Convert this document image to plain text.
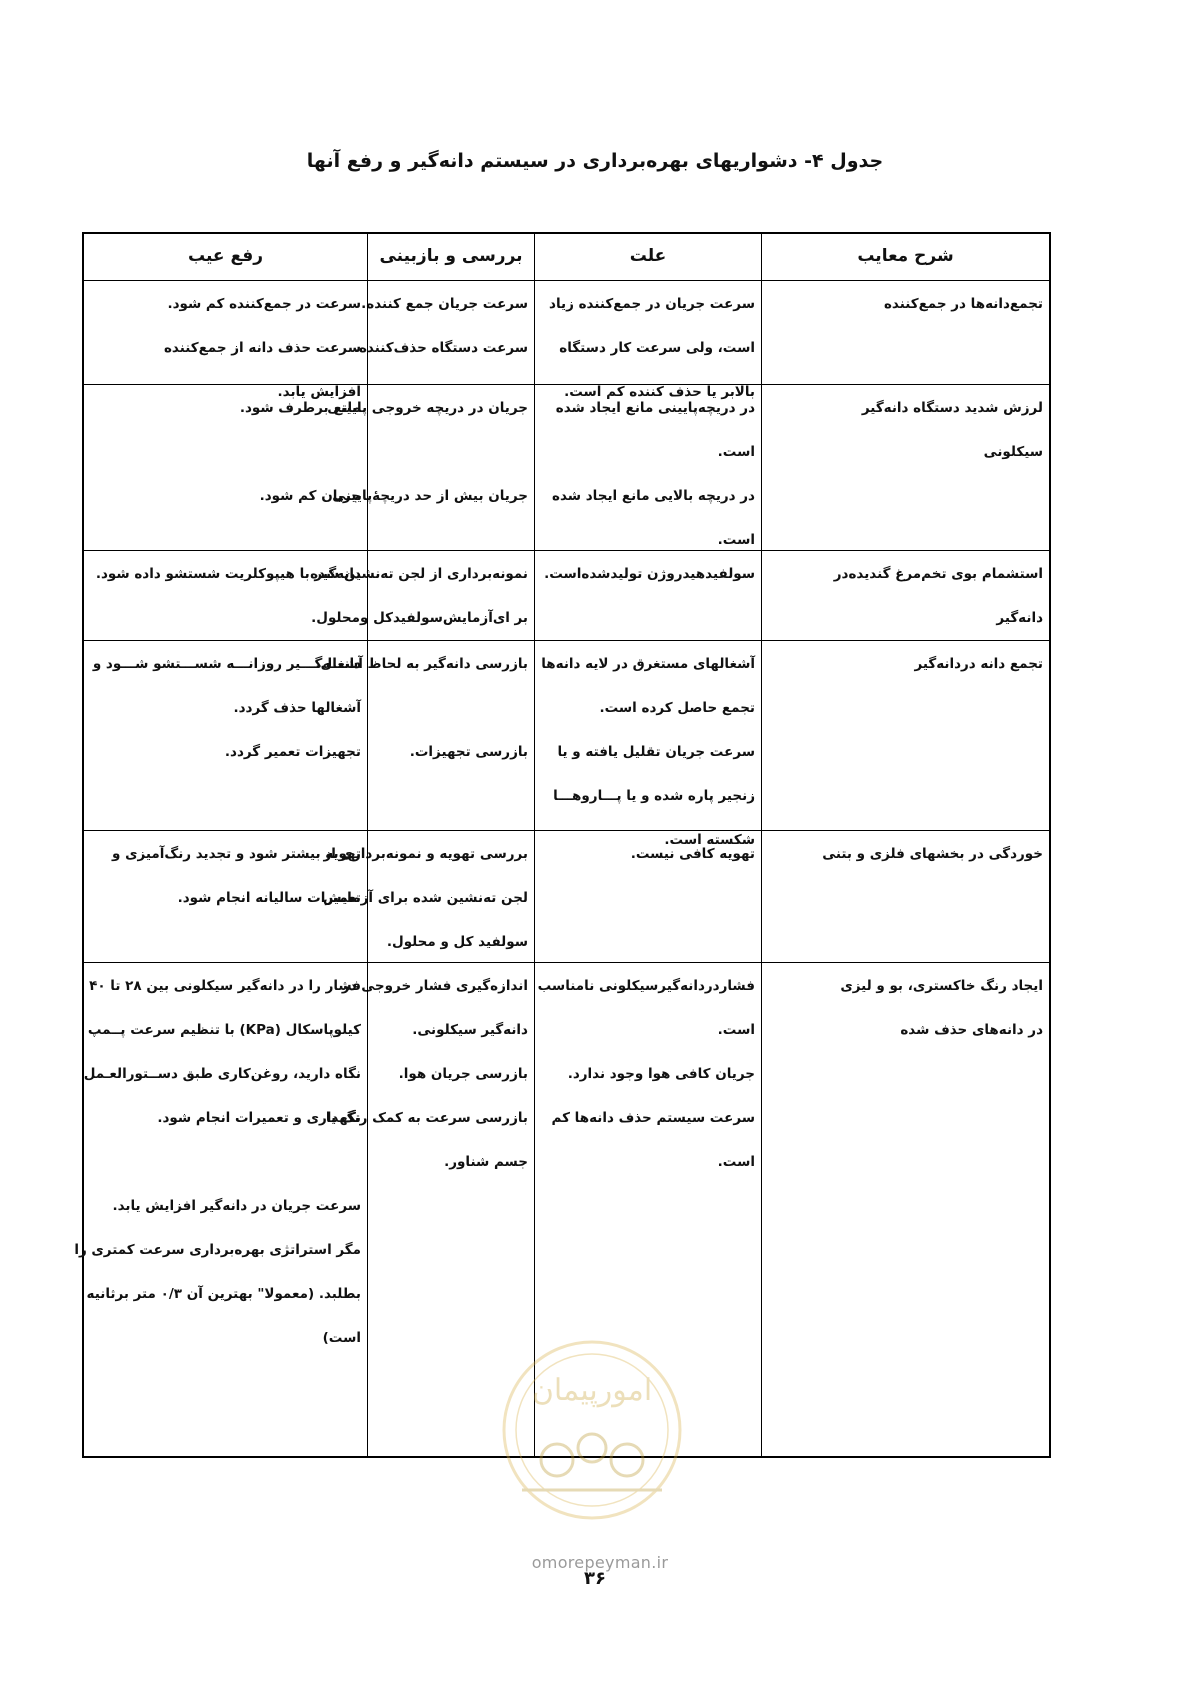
جدول ۴- دشواریهای بهره‌برداری در سیستم دانه‌گیر و رفع آنها
شرح معایب
علت
بررسی و بازبینی
رفع عیب
تجمع‌دانه‌ها در جمع‌کننده
سرعت جریان در جمع‌کننده زیاد
است، ولی سرعت کار دستگاه
بالابر یا حذف کننده کم است.
سرعت جریان جمع کننده.
سرعت دستگاه حذف‌کننده.
سرعت در جمع‌کننده کم شود.
سرعت حذف دانه از جمع‌کننده
افزایش یابد.
لرزش شدید دستگاه دانه‌گیر
سیکلونی
در دریچه‌پایینی مانع ایجاد شده
است.
در دریچه بالایی مانع ایجاد شده
است.
جریان در دریچه خروجی پایینی
جریان بیش از حد دریچهٔ‌پایینی
مانع برطرف شود.
جریان کم شود.
استشمام بوی تخم‌مرغ گندیده‌در
دانه‌گیر
سولفیدهیدروژن تولیدشده‌است.
نمونه‌برداری از لجن ته‌نشین شده
بر ای‌آزمایش‌سولفیدکل ومحلول.
دانه‌گیر با هیپوکلریت شستشو داده شود.
تجمع دانه دردانه‌گیر
آشغالهای مستغرق در لایه دانه‌ها
تجمع حاصل کرده است.
سرعت جریان تقلیل یافته و یا
زنجیر پاره شده و یا پـــاروهـــا
شکسته است.
بازرسی دانه‌گیر به لحاظ آشغال.
بازرسی تجهیزات.
دانـــه‌گـــیر روزانـــه شســـتشو شـــود و
آشغالها حذف گردد.
تجهیزات تعمیر گردد.
خوردگی در بخشهای فلزی و بتنی
تهویه کافی نیست.
بررسی تهویه و نمونه‌برداری از
لجن ته‌نشین شده برای آزمایش
سولفید کل و محلول.
تهویه بیشتر شود و تجدید رنگ‌آمیزی و
تعمیرات سالیانه انجام شود.
ایجاد رنگ خاکستری، بو و لیزی
در دانه‌های حذف شده
فشاردردانه‌گیرسیکلونی نامناسب
است.
جریان کافی هوا وجود ندارد.
سرعت سیستم حذف دانه‌ها کم
است.
اندازه‌گیری فشار خروجی در
دانه‌گیر سیکلونی.
بازرسی جریان هوا.
بازرسی سرعت به کمک رنگ یا
جسم شناور.
فشار را در دانه‌گیر سیکلونی بین ۲۸ تا ۴۰
کیلوپاسکال (KPa) با تنظیم سرعت پــمپ
نگاه دارید، روغن‌کاری طبق دســتورالعـمل
نگهداری و تعمیرات انجام شود.
سرعت جریان در دانه‌گیر افزایش یابد.
مگر استراتژی بهره‌برداری سرعت کمتری را
بطلبد. (معمولا" بهترین آن ۰/۳ متر برثانیه
است)
امورپیمان
omorepeyman.ir
۳۶
